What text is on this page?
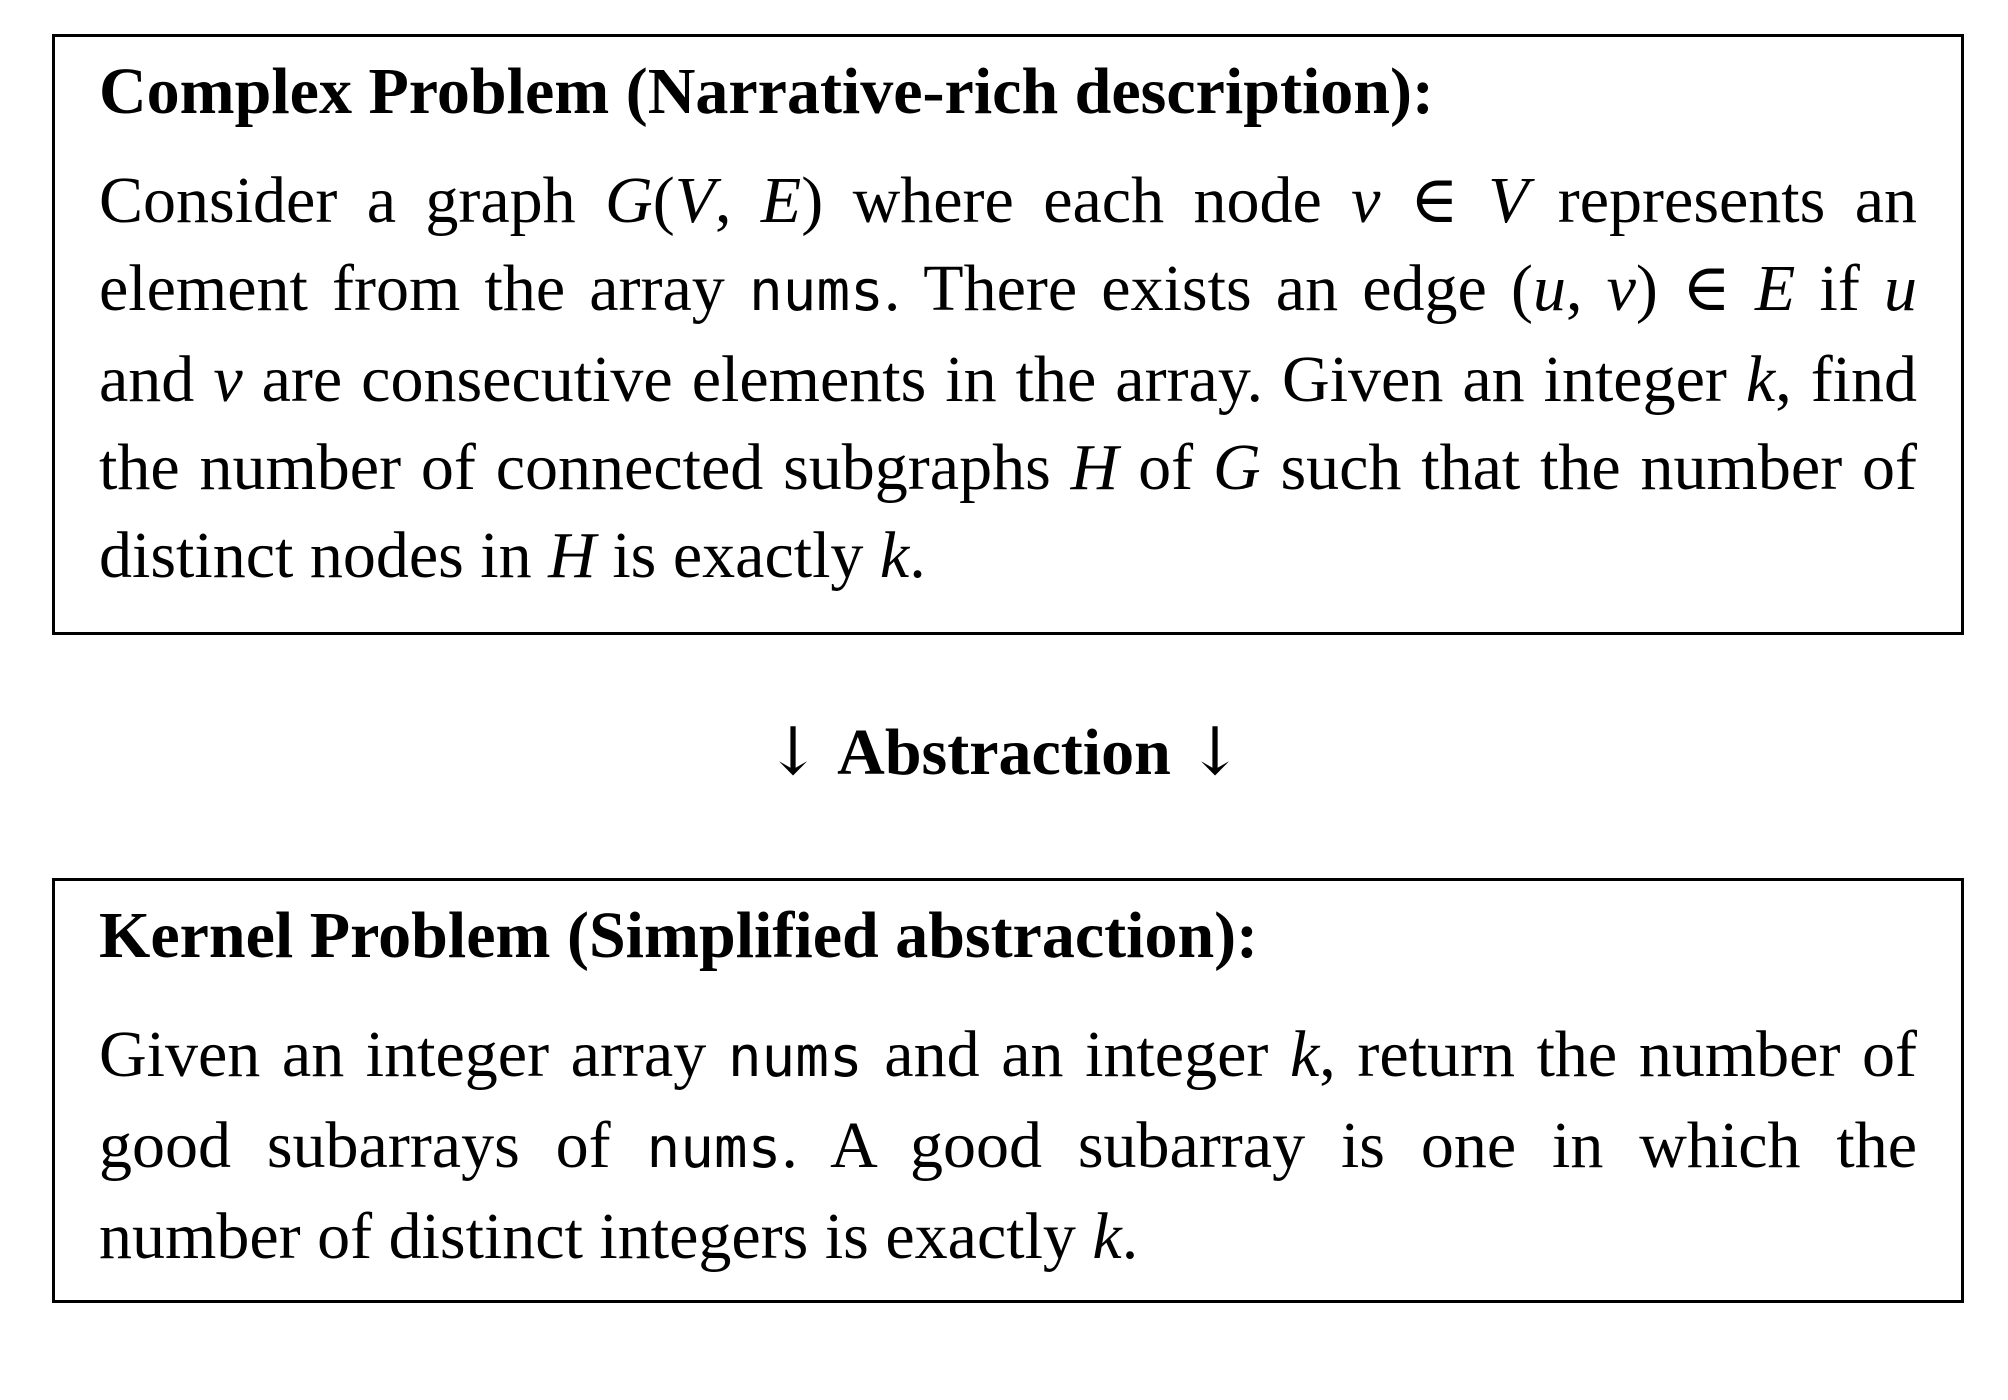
Complex Problem (Narrative-rich description):
Consider a graph G(V, E) where each node v ∈ V represents an element from the array nums. There exists an edge (u, v) ∈ E if u and v are consecutive elements in the array. Given an integer k, find the number of connected subgraphs H of G such that the number of distinct nodes in H is exactly k.
↓ Abstraction ↓
Kernel Problem (Simplified abstraction):
Given an integer array nums and an integer k, return the number of good subarrays of nums. A good subarray is one in which the number of distinct integers is exactly k.
